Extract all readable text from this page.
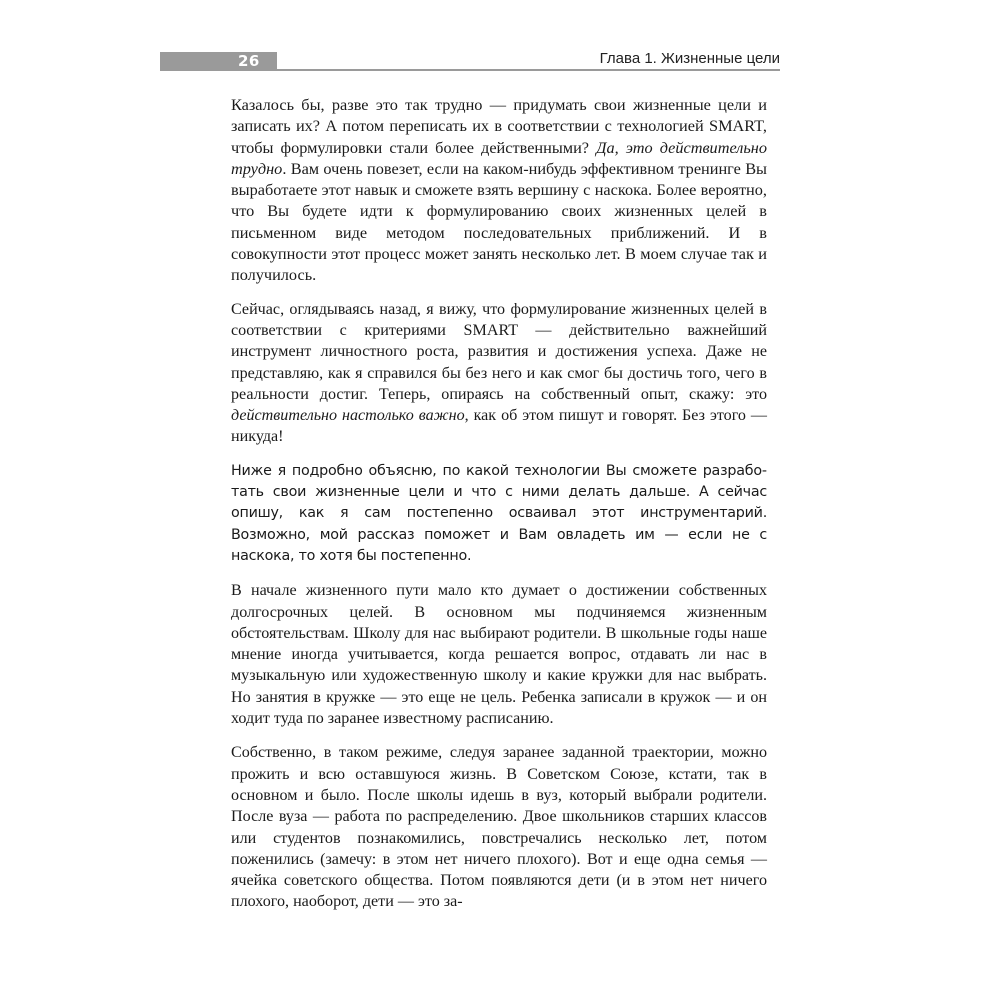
26	Глава 1. Жизненные цели

Казалось бы, разве это так трудно — придумать свои жизненные цели и записать их? А потом переписать их в соответствии с технологией SMART, чтобы формулировки стали более действенными? Да, это действительно трудно. Вам очень повезет, если на каком-нибудь эффективном тренинге Вы выработаете этот навык и сможете взять вершину с наскока. Более вероятно, что Вы будете идти к формулированию своих жизненных целей в письменном виде методом последовательных приближений. И в совокупности этот процесс может занять несколько лет. В моем случае так и получилось.

Сейчас, оглядываясь назад, я вижу, что формулирование жизненных целей в соответствии с критериями SMART — действительно важнейший инструмент личностного роста, развития и достижения успеха. Даже не представляю, как я справился бы без него и как смог бы достичь того, чего в реальности достиг. Теперь, опираясь на собственный опыт, скажу: это действительно настолько важно, как об этом пишут и говорят. Без этого — никуда!

Ниже я подробно объясню, по какой технологии Вы сможете разработать свои жизненные цели и что с ними делать дальше. А сейчас опишу, как я сам постепенно осваивал этот инструментарий. Возможно, мой рассказ поможет и Вам овладеть им — если не с наскока, то хотя бы постепенно.

В начале жизненного пути мало кто думает о достижении собственных долгосрочных целей. В основном мы подчиняемся жизненным обстоятельствам. Школу для нас выбирают родители. В школьные годы наше мнение иногда учитывается, когда решается вопрос, отдавать ли нас в музыкальную или художественную школу и какие кружки для нас выбрать. Но занятия в кружке — это еще не цель. Ребенка записали в кружок — и он ходит туда по заранее известному расписанию.

Собственно, в таком режиме, следуя заранее заданной траектории, можно прожить и всю оставшуюся жизнь. В Советском Союзе, кстати, так в основном и было. После школы идешь в вуз, который выбрали родители. После вуза — работа по распределению. Двое школьников старших классов или студентов познакомились, повстречались несколько лет, потом поженились (замечу: в этом нет ничего плохого). Вот и еще одна семья — ячейка советского общества. Потом появляются дети (и в этом нет ничего плохого, наоборот, дети — это за-
